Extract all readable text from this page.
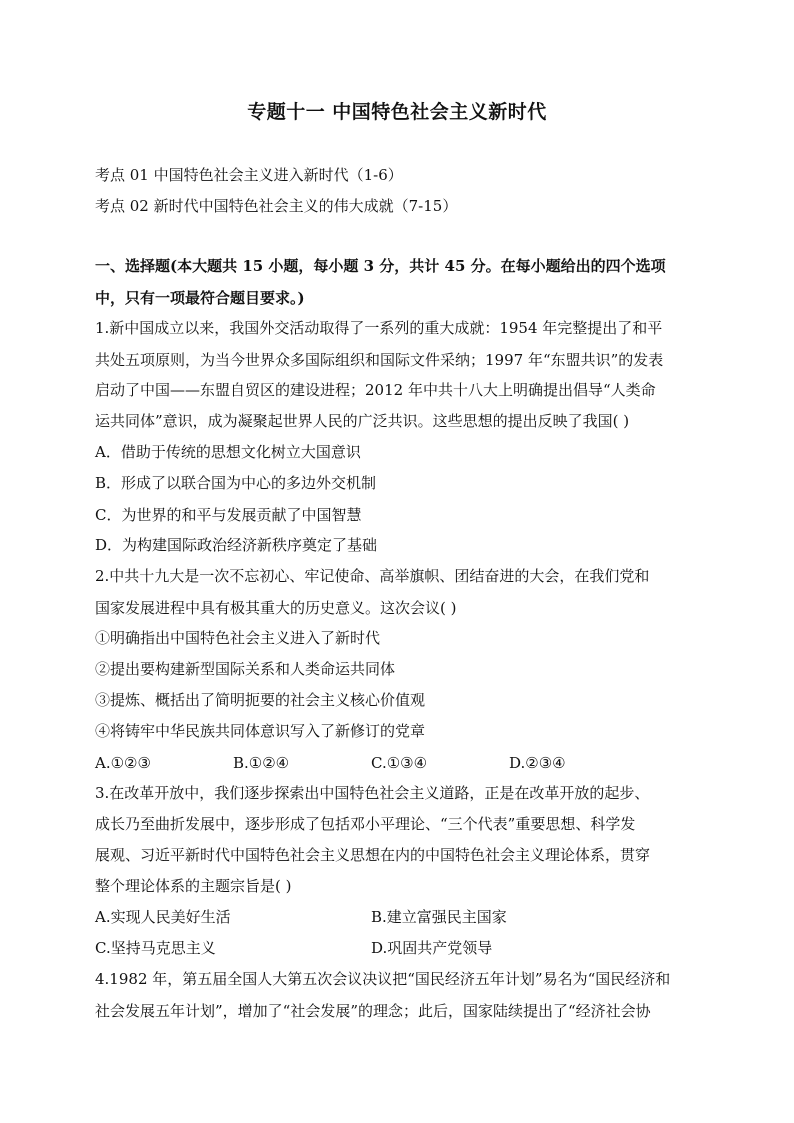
专题十一 中国特色社会主义新时代
考点 01 中国特色社会主义进入新时代（1-6）
考点 02 新时代中国特色社会主义的伟大成就（7-15）
一、选择题(本大题共 15 小题，每小题 3 分，共计 45 分。在每小题给出的四个选项
中，只有一项最符合题目要求。)
1.新中国成立以来，我国外交活动取得了一系列的重大成就：1954 年完整提出了和平
共处五项原则，为当今世界众多国际组织和国际文件采纳；1997 年“东盟共识”的发表
启动了中国——东盟自贸区的建设进程；2012 年中共十八大上明确提出倡导“人类命
运共同体”意识，成为凝聚起世界人民的广泛共识。这些思想的提出反映了我国( )
A．借助于传统的思想文化树立大国意识
B．形成了以联合国为中心的多边外交机制
C．为世界的和平与发展贡献了中国智慧
D．为构建国际政治经济新秩序奠定了基础
2.中共十九大是一次不忘初心、牢记使命、高举旗帜、团结奋进的大会，在我们党和
国家发展进程中具有极其重大的历史意义。这次会议( )
①明确指出中国特色社会主义进入了新时代
②提出要构建新型国际关系和人类命运共同体
③提炼、概括出了简明扼要的社会主义核心价值观
④将铸牢中华民族共同体意识写入了新修订的党章
A.①②③	B.①②④	C.①③④	D.②③④
3.在改革开放中，我们逐步探索出中国特色社会主义道路，正是在改革开放的起步、
成长乃至曲折发展中，逐步形成了包括邓小平理论、“三个代表”重要思想、科学发
展观、习近平新时代中国特色社会主义思想在内的中国特色社会主义理论体系，贯穿
整个理论体系的主题宗旨是( )
A.实现人民美好生活	B.建立富强民主国家
C.坚持马克思主义	D.巩固共产党领导
4.1982 年，第五届全国人大第五次会议决议把“国民经济五年计划”易名为“国民经济和
社会发展五年计划”，增加了“社会发展”的理念；此后，国家陆续提出了“经济社会协
